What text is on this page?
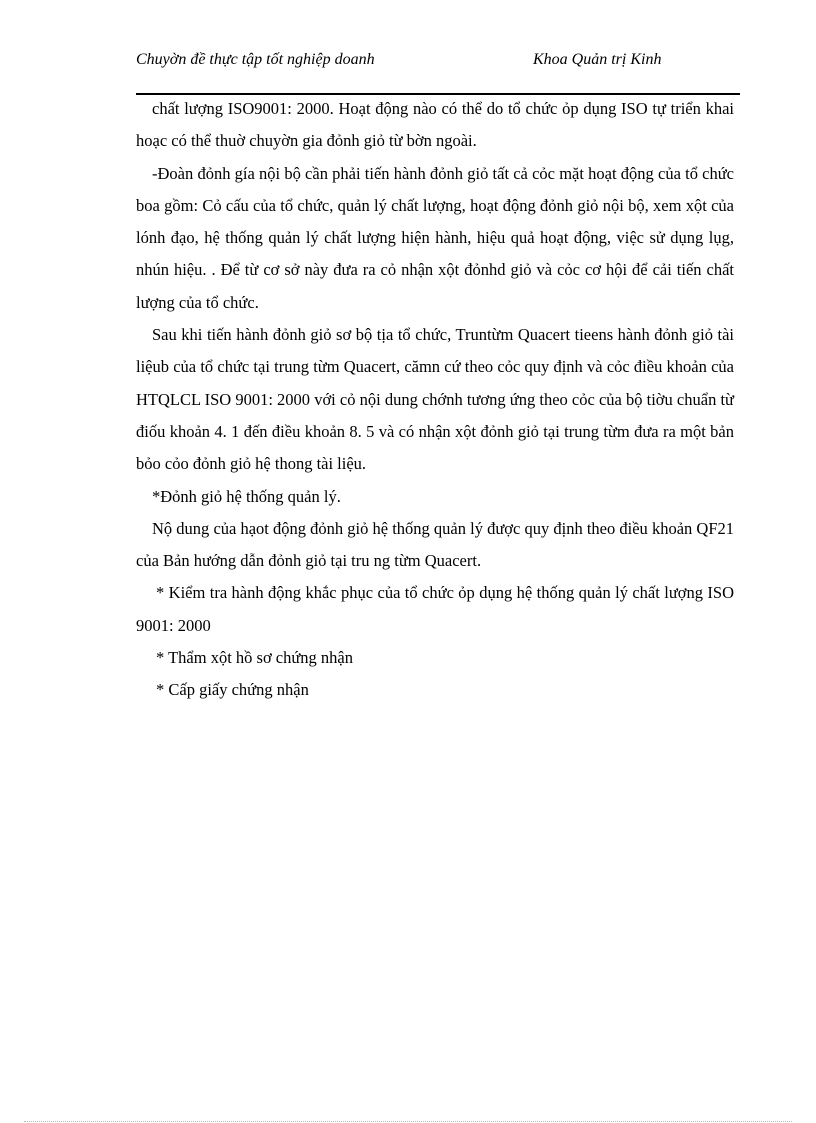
Chuyờn đề thực tập tốt nghiệp doanh	Khoa Quản trị Kinh

chất lượng ISO9001: 2000. Hoạt động nào có thể do tổ chức ỏp dụng ISO tự triển khai hoạc có thể thuờ chuyờn gia đỏnh giỏ từ bờn ngoài.

-Đoàn đỏnh gía nội bộ cần phải tiến hành đỏnh giỏ tất cả cỏc mặt hoạt động của tổ chức boa gồm: Cỏ cấu của tổ chức, quản lý chất lượng, hoạt động đỏnh giỏ nội bộ, xem xột của lónh đạo, hệ thống quản lý chất lượng hiện hành, hiệu quả hoạt động, việc sử dụng lụg, nhún hiệu. . Để từ cơ sở này đưa ra cỏ nhận xột đỏnhd giỏ và cỏc cơ hội để cải tiến chất lượng của tổ chức.

Sau khi tiến hành đỏnh giỏ sơ bộ tịa tổ chức, Truntừm Quacert tieens hành đỏnh giỏ tài liệub của tổ chức tại trung từm Quacert, cămn cứ theo cỏc quy định và cỏc điều khoản của HTQLCL ISO 9001: 2000 với cỏ nội dung chớnh tương ứng theo cỏc của bộ tiờu chuẩn từ điốu khoản 4. 1 đến điều khoản 8. 5 và có nhận xột đỏnh giỏ tại trung từm đưa ra một bản bỏo cỏo đỏnh giỏ hệ thong tài liệu.

*Đỏnh giỏ hệ thống quản lý.

Nộ dung của hạot động đỏnh giỏ hệ thống quản lý được quy định theo điều khoản QF21 của Bản hướng dẫn đỏnh giỏ tại tru ng từm Quacert.

* Kiểm tra hành động khắc phục của tổ chức ỏp dụng hệ thống quản lý chất lượng ISO 9001: 2000

* Thẩm xột hồ sơ chứng nhận

* Cấp giấy chứng nhận
